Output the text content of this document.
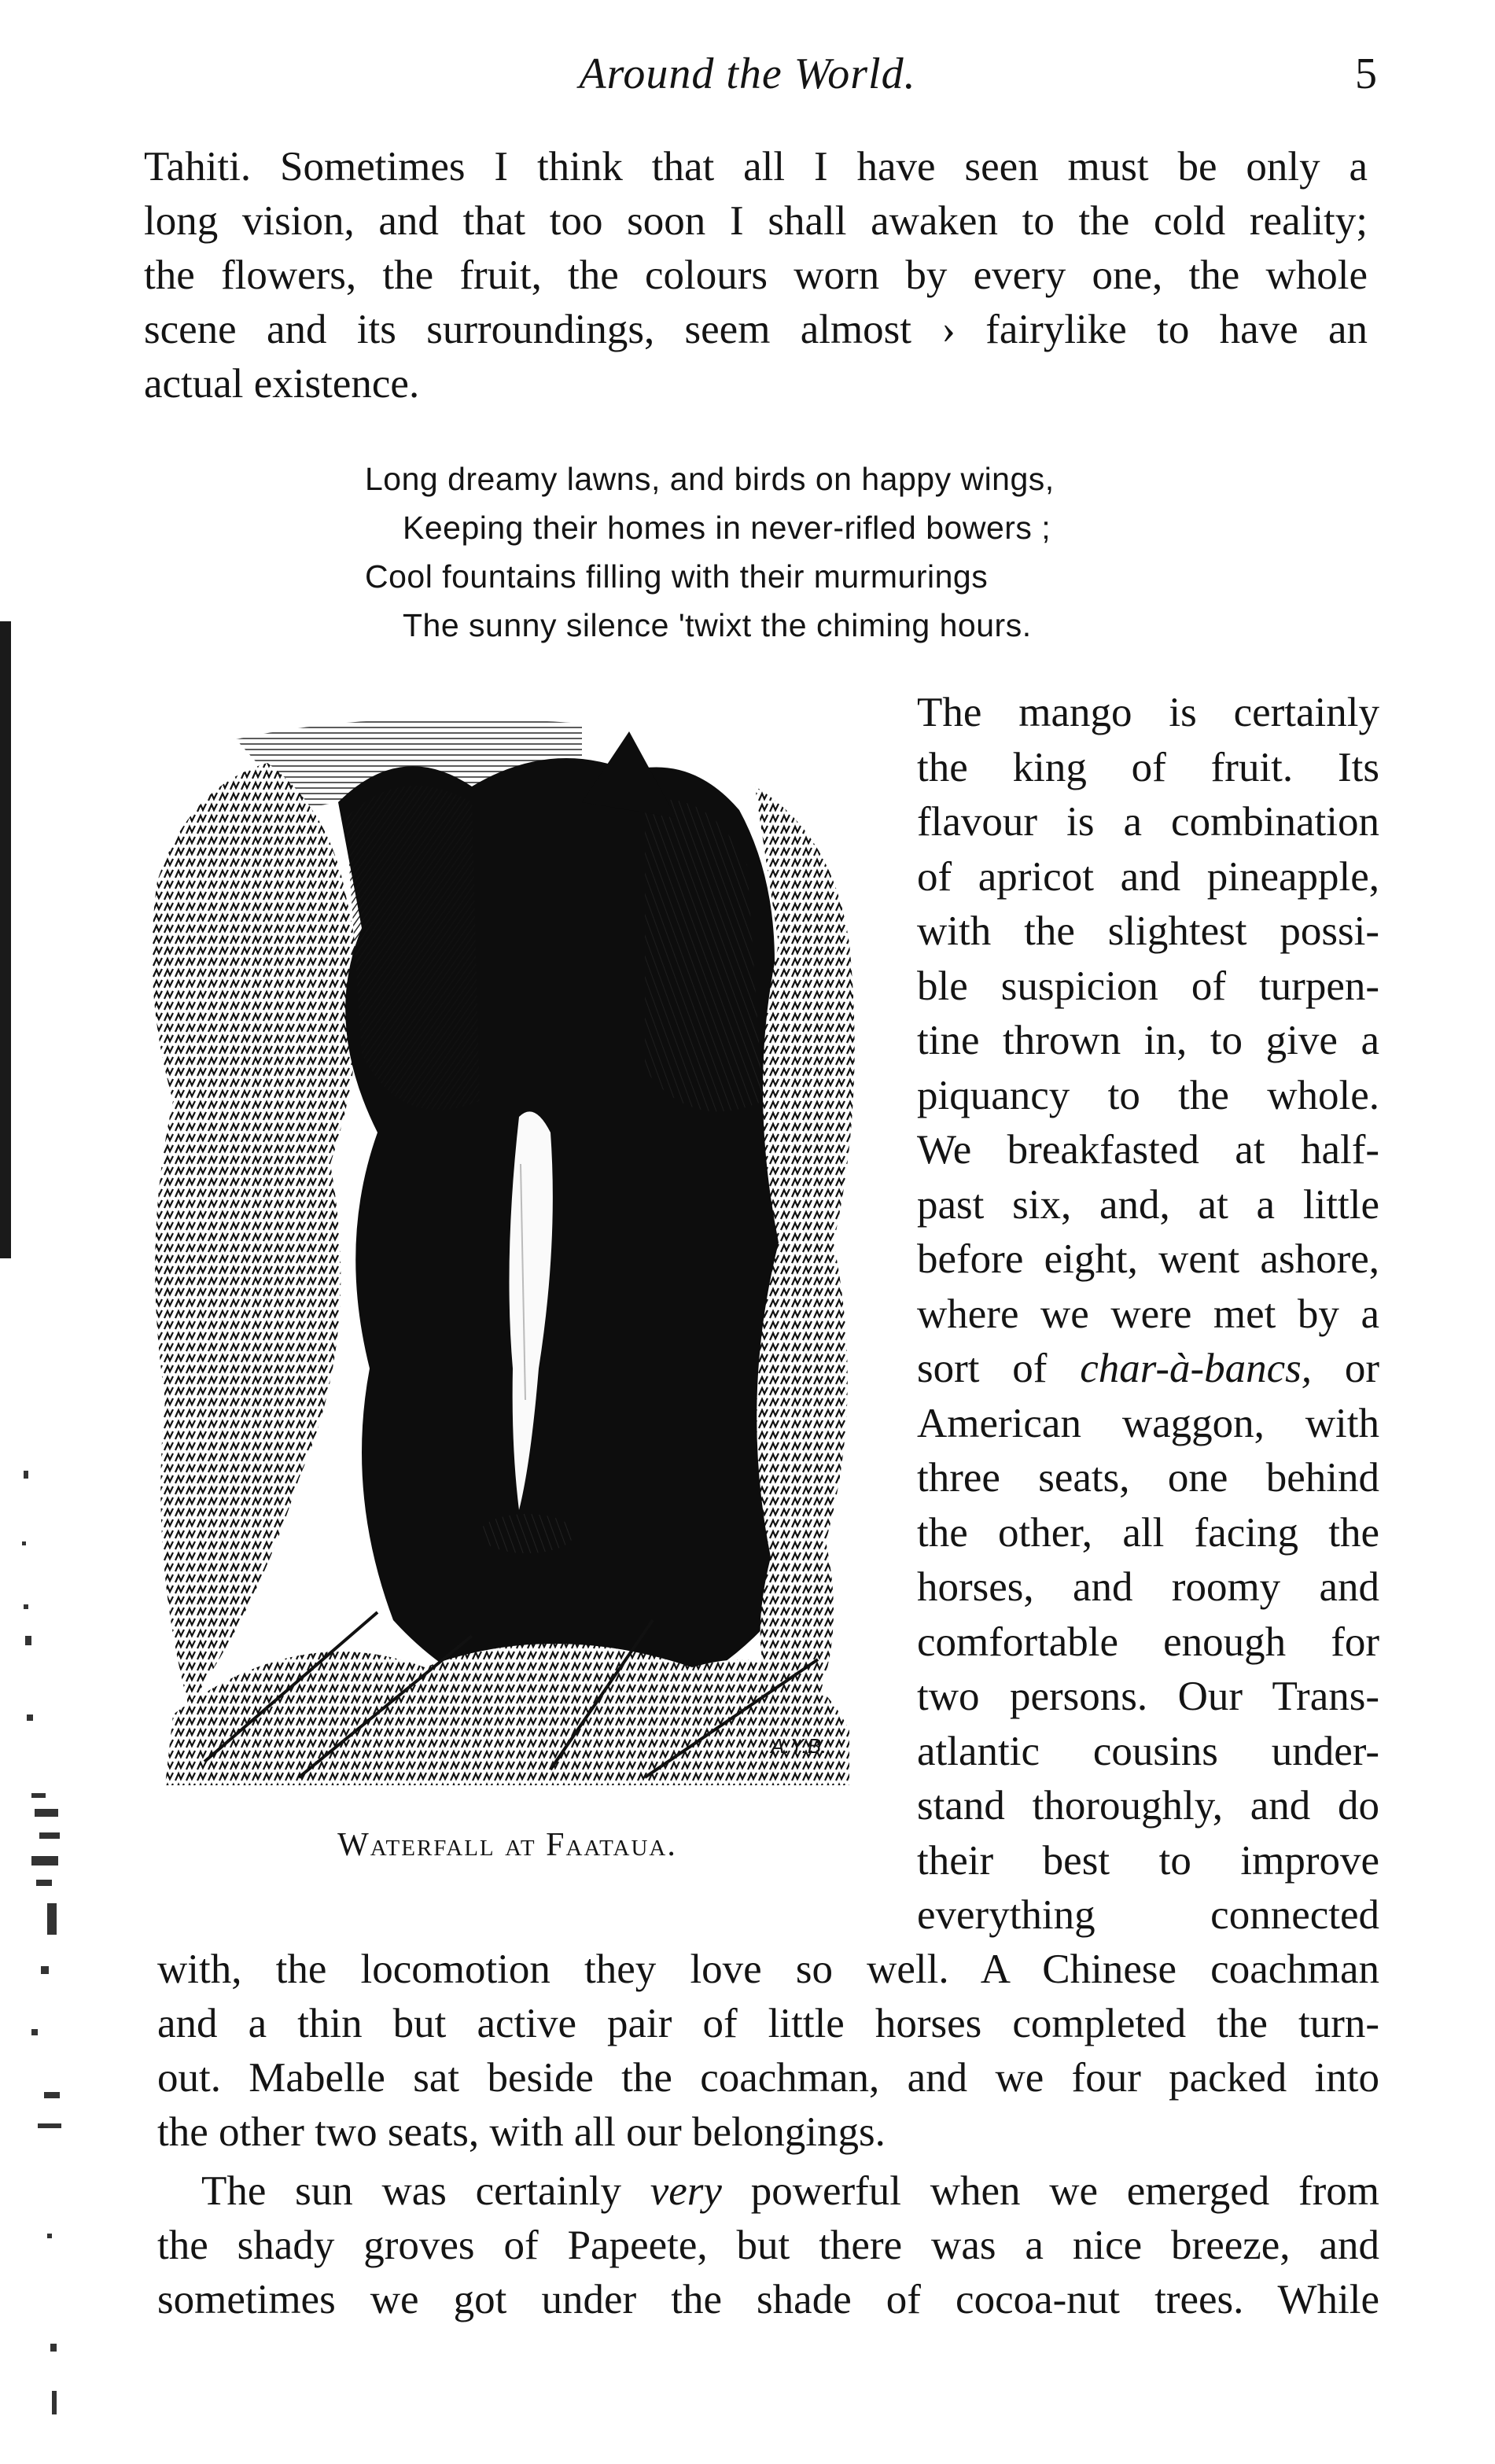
Around the World.	5
Tahiti. Sometimes I think that all I have seen must be only a
long vision, and that too soon I shall awaken to the cold reality;
the flowers, the fruit, the colours worn by every one, the whole
scene and its surroundings, seem almost › fairylike to have an
actual existence.
Long dreamy lawns, and birds on happy wings,
Keeping their homes in never-rifled bowers ;
Cool fountains filling with their murmurings
The sunny silence 'twixt the chiming hours.
A.Y.B.
Waterfall at Faataua.
The mango is certainly
the king of fruit. Its
flavour is a combination
of apricot and pineapple,
with the slightest possi-
ble suspicion of turpen-
tine thrown in, to give a
piquancy to the whole.
We breakfasted at half-
past six, and, at a little
before eight, went ashore,
where we were met by a
sort of char-à-bancs, or
American waggon, with
three seats, one behind
the other, all facing the
horses, and roomy and
comfortable enough for
two persons. Our Trans-
atlantic cousins under-
stand thoroughly, and do
their best to improve
everything connected
with, the locomotion they love so well. A Chinese coachman
and a thin but active pair of little horses completed the turn-
out. Mabelle sat beside the coachman, and we four packed into
the other two seats, with all our belongings.
The sun was certainly very powerful when we emerged from
the shady groves of Papeete, but there was a nice breeze, and
sometimes we got under the shade of cocoa-nut trees. While
